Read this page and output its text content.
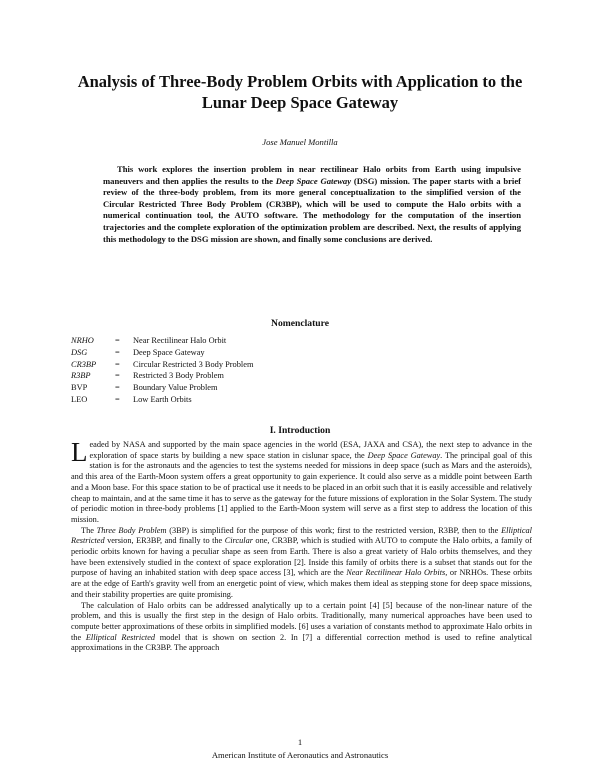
Analysis of Three-Body Problem Orbits with Application to the Lunar Deep Space Gateway
Jose Manuel Montilla

This work explores the insertion problem in near rectilinear Halo orbits from Earth using impulsive maneuvers and then applies the results to the Deep Space Gateway (DSG) mission. The paper starts with a brief review of the three-body problem, from its more general conceptualization to the simplified version of the Circular Restricted Three Body Problem (CR3BP), which will be used to compute the Halo orbits with a numerical continuation tool, the AUTO software. The methodology for the computation of the insertion trajectories and the complete exploration of the optimization problem are described. Next, the results of applying this methodology to the DSG mission are shown, and finally some conclusions are derived.

Nomenclature
NRHO	=	Near Rectilinear Halo Orbit
DSG	=	Deep Space Gateway
CR3BP	=	Circular Restricted 3 Body Problem
R3BP	=	Restricted 3 Body Problem
BVP	=	Boundary Value Problem
LEO	=	Low Earth Orbits
I. Introduction

Leaded by NASA and supported by the main space agencies in the world (ESA, JAXA and CSA), the next step to advance in the exploration of space starts by building a new space station in cislunar space, the Deep Space Gateway. The principal goal of this station is for the astronauts and the agencies to test the systems needed for missions in deep space (such as Mars and the asteroids), and this area of the Earth-Moon system offers a great opportunity to gain experience. It could also serve as a middle point between Earth and a Moon base. For this space station to be of practical use it needs to be placed in an orbit such that it is easily accessible and relatively cheap to maintain, and at the same time it has to serve as the gateway for the future missions of exploration in the Solar System. The study of periodic motion in three-body problems [1] applied to the Earth-Moon system will serve as a first step to address the location of this mission.

The Three Body Problem (3BP) is simplified for the purpose of this work; first to the restricted version, R3BP, then to the Elliptical Restricted version, ER3BP, and finally to the Circular one, CR3BP, which is studied with AUTO to compute the Halo orbits, a family of periodic orbits known for having a peculiar shape as seen from Earth. There is also a great variety of Halo orbits themselves, and they have been extensively studied in the context of space exploration [2]. Inside this family of orbits there is a subset that stands out for the purpose of having an inhabited station with deep space access [3], which are the Near Rectilinear Halo Orbits, or NRHOs. These orbits are at the edge of Earth's gravity well from an energetic point of view, which makes them ideal as stepping stone for deep space missions, and their stability properties are quite promising.

The calculation of Halo orbits can be addressed analytically up to a certain point [4] [5] because of the non-linear nature of the problem, and this is usually the first step in the design of Halo orbits. Traditionally, many numerical approaches have been used to compute better approximations of these orbits in simplified models. [6] uses a variation of constants method to approximate Halo orbits in the Elliptical Restricted model that is shown on section 2. In [7] a differential correction method is used to refine analytical approximations in the CR3BP. The approach

1
American Institute of Aeronautics and Astronautics
